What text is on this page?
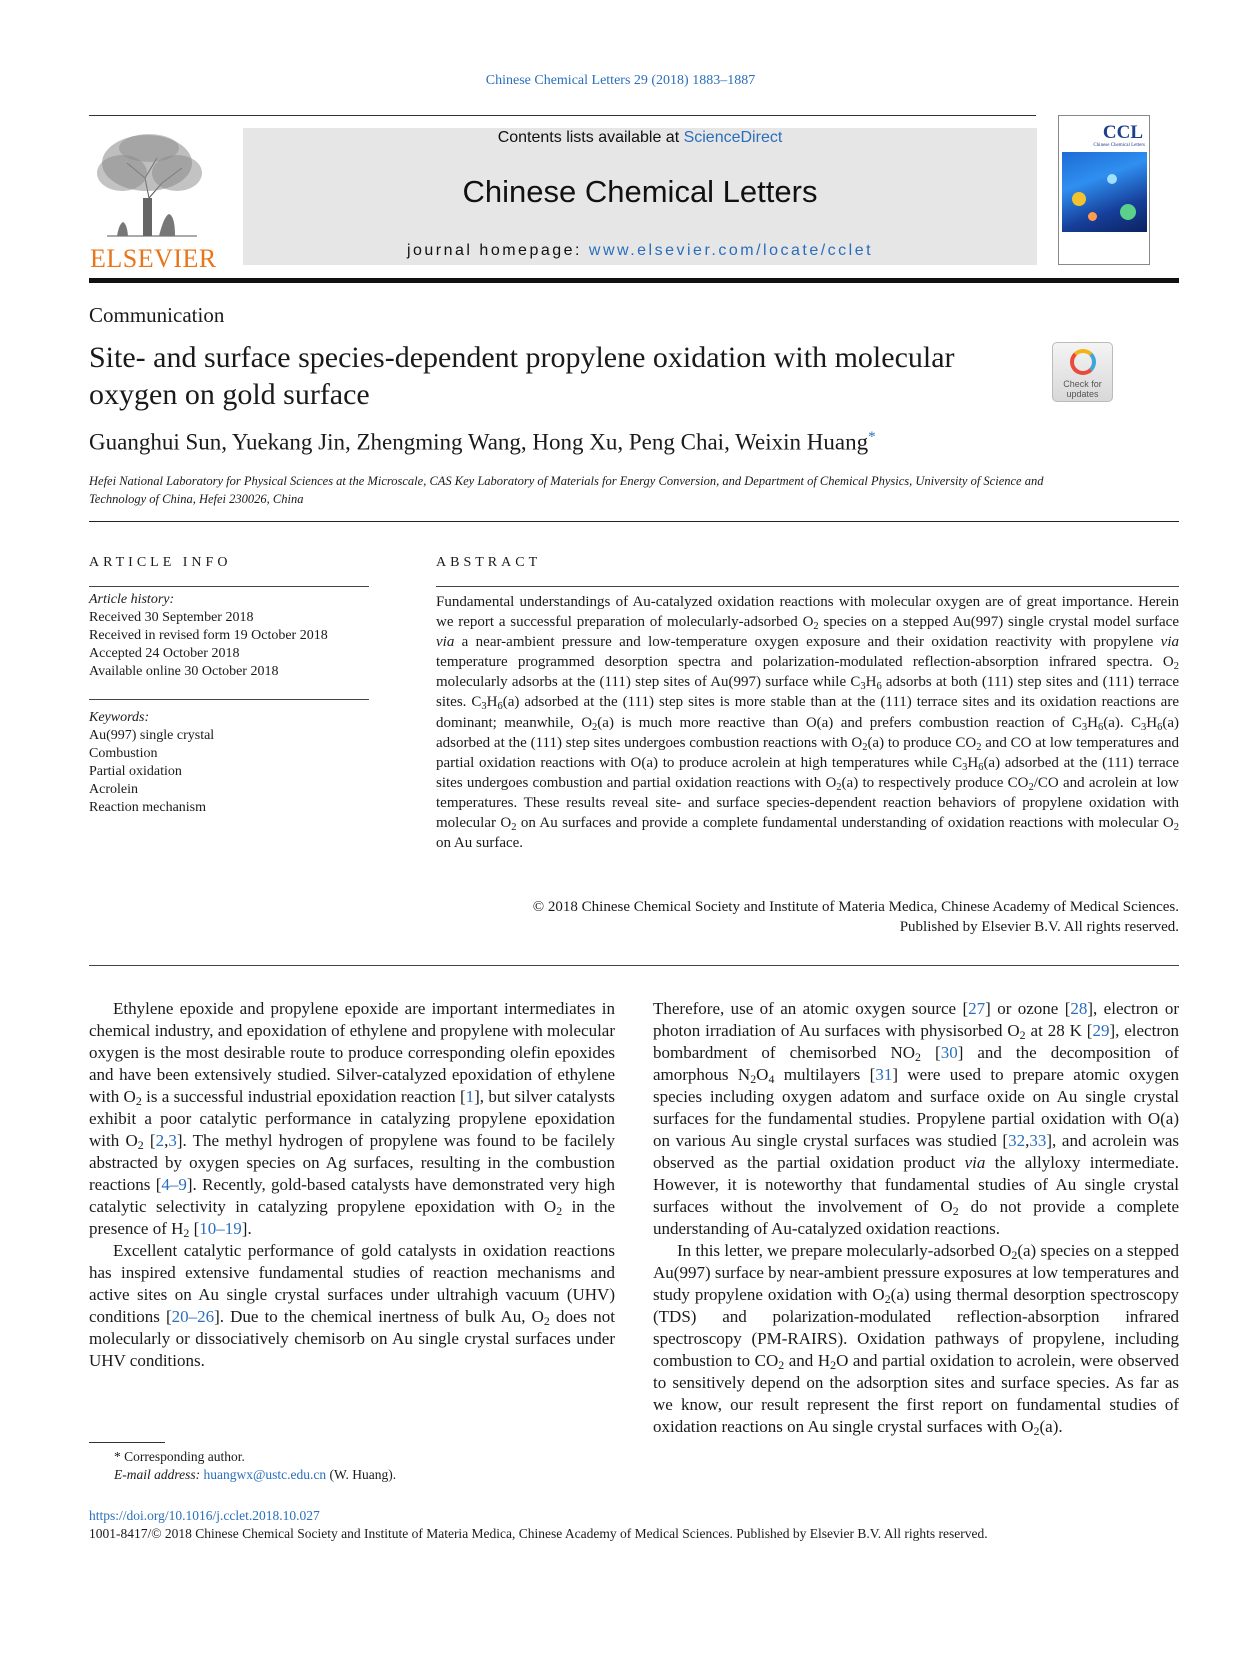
Chinese Chemical Letters 29 (2018) 1883–1887
ELSEVIER
Contents lists available at ScienceDirect
Chinese Chemical Letters
journal homepage: www.elsevier.com/locate/cclet
CCL
Chinese Chemical Letters
Communication
Site- and surface species-dependent propylene oxidation with molecular oxygen on gold surface	Check for updates
Guanghui Sun, Yuekang Jin, Zhengming Wang, Hong Xu, Peng Chai, Weixin Huang*
Hefei National Laboratory for Physical Sciences at the Microscale, CAS Key Laboratory of Materials for Energy Conversion, and Department of Chemical Physics, University of Science and Technology of China, Hefei 230026, China
ARTICLE INFO
Article history:
Received 30 September 2018
Received in revised form 19 October 2018
Accepted 24 October 2018
Available online 30 October 2018
Keywords:
Au(997) single crystal
Combustion
Partial oxidation
Acrolein
Reaction mechanism
ABSTRACT
Fundamental understandings of Au-catalyzed oxidation reactions with molecular oxygen are of great importance. Herein we report a successful preparation of molecularly-adsorbed $O_2$ species on a stepped Au(997) single crystal model surface via a near-ambient pressure and low-temperature oxygen exposure and their oxidation reactivity with propylene via temperature programmed desorption spectra and polarization-modulated reflection-absorption infrared spectra. $O_2$ molecularly adsorbs at the (111) step sites of Au(997) surface while $C_3H_6$ adsorbs at both (111) step sites and (111) terrace sites. $C_3H_6(a)$ adsorbed at the (111) step sites is more stable than at the (111) terrace sites and its oxidation reactions are dominant; meanwhile, $O_2(a)$ is much more reactive than O(a) and prefers combustion reaction of $C_3H_6(a)$. $C_3H_6(a)$ adsorbed at the (111) step sites undergoes combustion reactions with $O_2(a)$ to produce $CO_2$ and CO at low temperatures and partial oxidation reactions with O(a) to produce acrolein at high temperatures while $C_3H_6(a)$ adsorbed at the (111) terrace sites undergoes combustion and partial oxidation reactions with $O_2(a)$ to respectively produce $CO_2/CO$ and acrolein at low temperatures. These results reveal site- and surface species-dependent reaction behaviors of propylene oxidation with molecular $O_2$ on Au surfaces and provide a complete fundamental understanding of oxidation reactions with molecular $O_2$ on Au surface.
© 2018 Chinese Chemical Society and Institute of Materia Medica, Chinese Academy of Medical Sciences.
Published by Elsevier B.V. All rights reserved.

Ethylene epoxide and propylene epoxide are important intermediates in chemical industry, and epoxidation of ethylene and propylene with molecular oxygen is the most desirable route to produce corresponding olefin epoxides and have been extensively studied. Silver-catalyzed epoxidation of ethylene with $O_2$ is a successful industrial epoxidation reaction [1], but silver catalysts exhibit a poor catalytic performance in catalyzing propylene epoxidation with $O_2$ [2,3]. The methyl hydrogen of propylene was found to be facilely abstracted by oxygen species on Ag surfaces, resulting in the combustion reactions [4–9]. Recently, gold-based catalysts have demonstrated very high catalytic selectivity in catalyzing propylene epoxidation with $O_2$ in the presence of $H_2$ [10–19].

Excellent catalytic performance of gold catalysts in oxidation reactions has inspired extensive fundamental studies of reaction mechanisms and active sites on Au single crystal surfaces under ultrahigh vacuum (UHV) conditions [20–26]. Due to the chemical inertness of bulk Au, $O_2$ does not molecularly or dissociatively chemisorb on Au single crystal surfaces under UHV conditions.

Therefore, use of an atomic oxygen source [27] or ozone [28], electron or photon irradiation of Au surfaces with physisorbed $O_2$ at 28 K [29], electron bombardment of chemisorbed $NO_2$ [30] and the decomposition of amorphous $N_2O_4$ multilayers [31] were used to prepare atomic oxygen species including oxygen adatom and surface oxide on Au single crystal surfaces for the fundamental studies. Propylene partial oxidation with O(a) on various Au single crystal surfaces was studied [32,33], and acrolein was observed as the partial oxidation product via the allyloxy intermediate. However, it is noteworthy that fundamental studies of Au single crystal surfaces without the involvement of $O_2$ do not provide a complete understanding of Au-catalyzed oxidation reactions.

In this letter, we prepare molecularly-adsorbed $O_2(a)$ species on a stepped Au(997) surface by near-ambient pressure exposures at low temperatures and study propylene oxidation with $O_2(a)$ using thermal desorption spectroscopy (TDS) and polarization-modulated reflection-absorption infrared spectroscopy (PM-RAIRS). Oxidation pathways of propylene, including combustion to $CO_2$ and $H_2O$ and partial oxidation to acrolein, were observed to sensitively depend on the adsorption sites and surface species. As far as we know, our result represent the first report on fundamental studies of oxidation reactions on Au single crystal surfaces with $O_2(a)$.

* Corresponding author.
E-mail address: huangwx@ustc.edu.cn (W. Huang).
https://doi.org/10.1016/j.cclet.2018.10.027
1001-8417/© 2018 Chinese Chemical Society and Institute of Materia Medica, Chinese Academy of Medical Sciences. Published by Elsevier B.V. All rights reserved.
